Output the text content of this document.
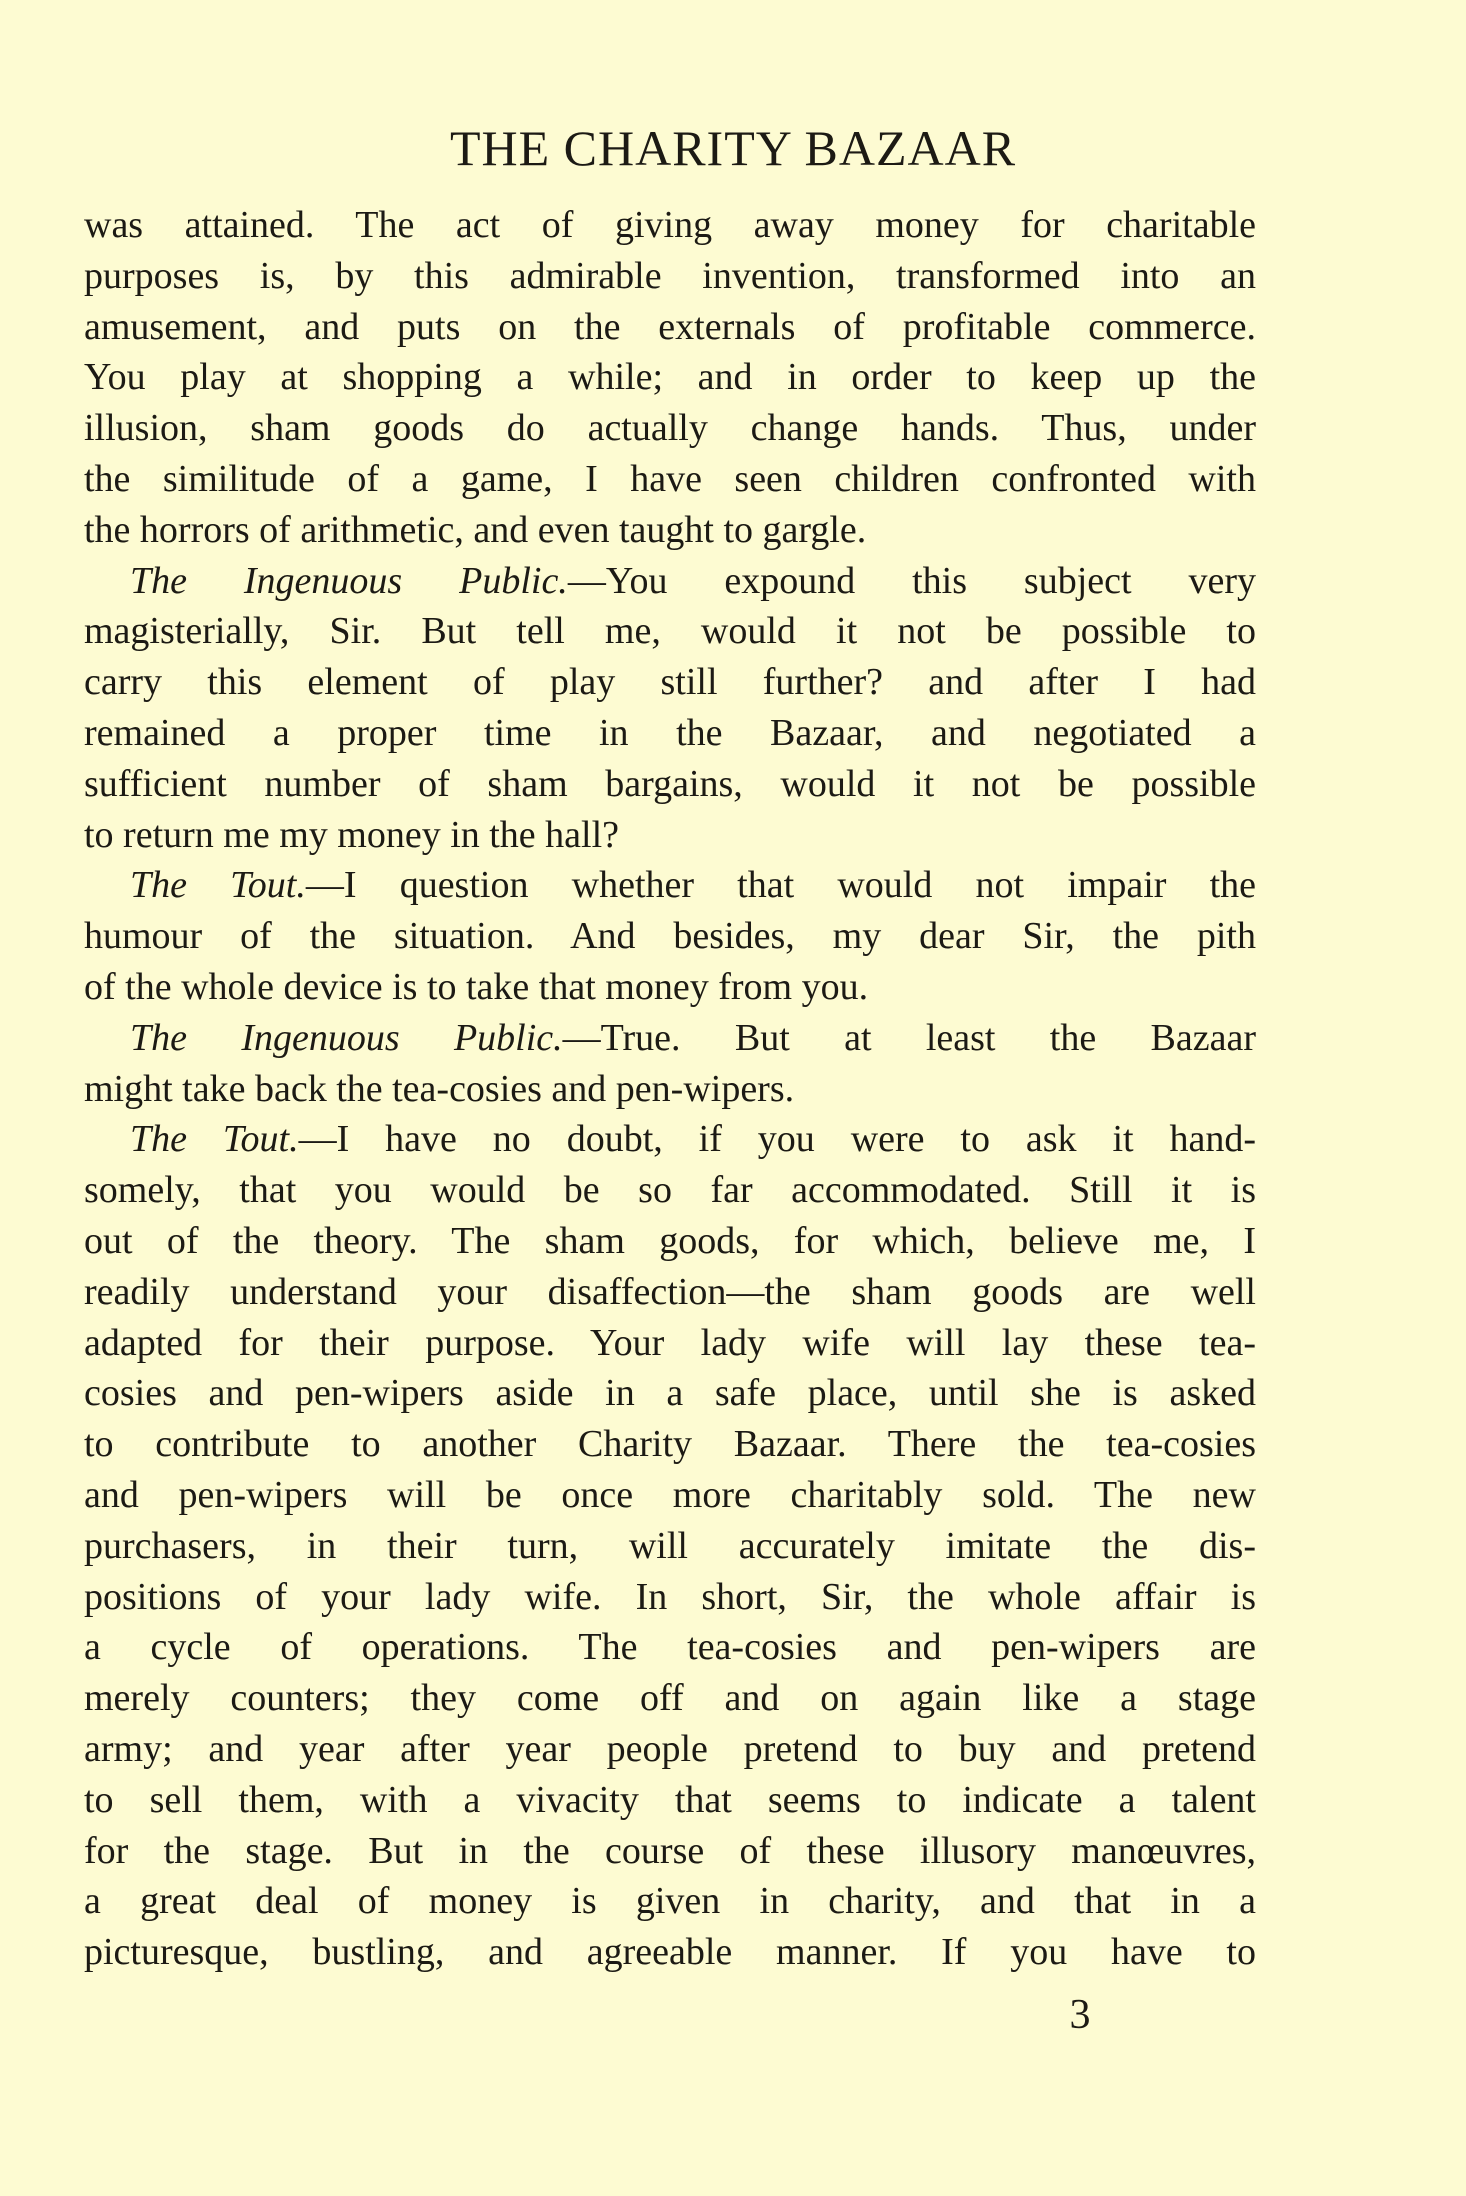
THE CHARITY BAZAAR
was attained. The act of giving away money for charitable
purposes is, by this admirable invention, transformed into an
amusement, and puts on the externals of profitable commerce.
You play at shopping a while; and in order to keep up the
illusion, sham goods do actually change hands. Thus, under
the similitude of a game, I have seen children confronted with
the horrors of arithmetic, and even taught to gargle.
The Ingenuous Public.—You expound this subject very
magisterially, Sir. But tell me, would it not be possible to
carry this element of play still further? and after I had
remained a proper time in the Bazaar, and negotiated a
sufficient number of sham bargains, would it not be possible
to return me my money in the hall?
The Tout.—I question whether that would not impair the
humour of the situation. And besides, my dear Sir, the pith
of the whole device is to take that money from you.
The Ingenuous Public.—True. But at least the Bazaar
might take back the tea-cosies and pen-wipers.
The Tout.—I have no doubt, if you were to ask it hand-
somely, that you would be so far accommodated. Still it is
out of the theory. The sham goods, for which, believe me, I
readily understand your disaffection—the sham goods are well
adapted for their purpose. Your lady wife will lay these tea-
cosies and pen-wipers aside in a safe place, until she is asked
to contribute to another Charity Bazaar. There the tea-cosies
and pen-wipers will be once more charitably sold. The new
purchasers, in their turn, will accurately imitate the dis-
positions of your lady wife. In short, Sir, the whole affair is
a cycle of operations. The tea-cosies and pen-wipers are
merely counters; they come off and on again like a stage
army; and year after year people pretend to buy and pretend
to sell them, with a vivacity that seems to indicate a talent
for the stage. But in the course of these illusory manœuvres,
a great deal of money is given in charity, and that in a
picturesque, bustling, and agreeable manner. If you have to
3
